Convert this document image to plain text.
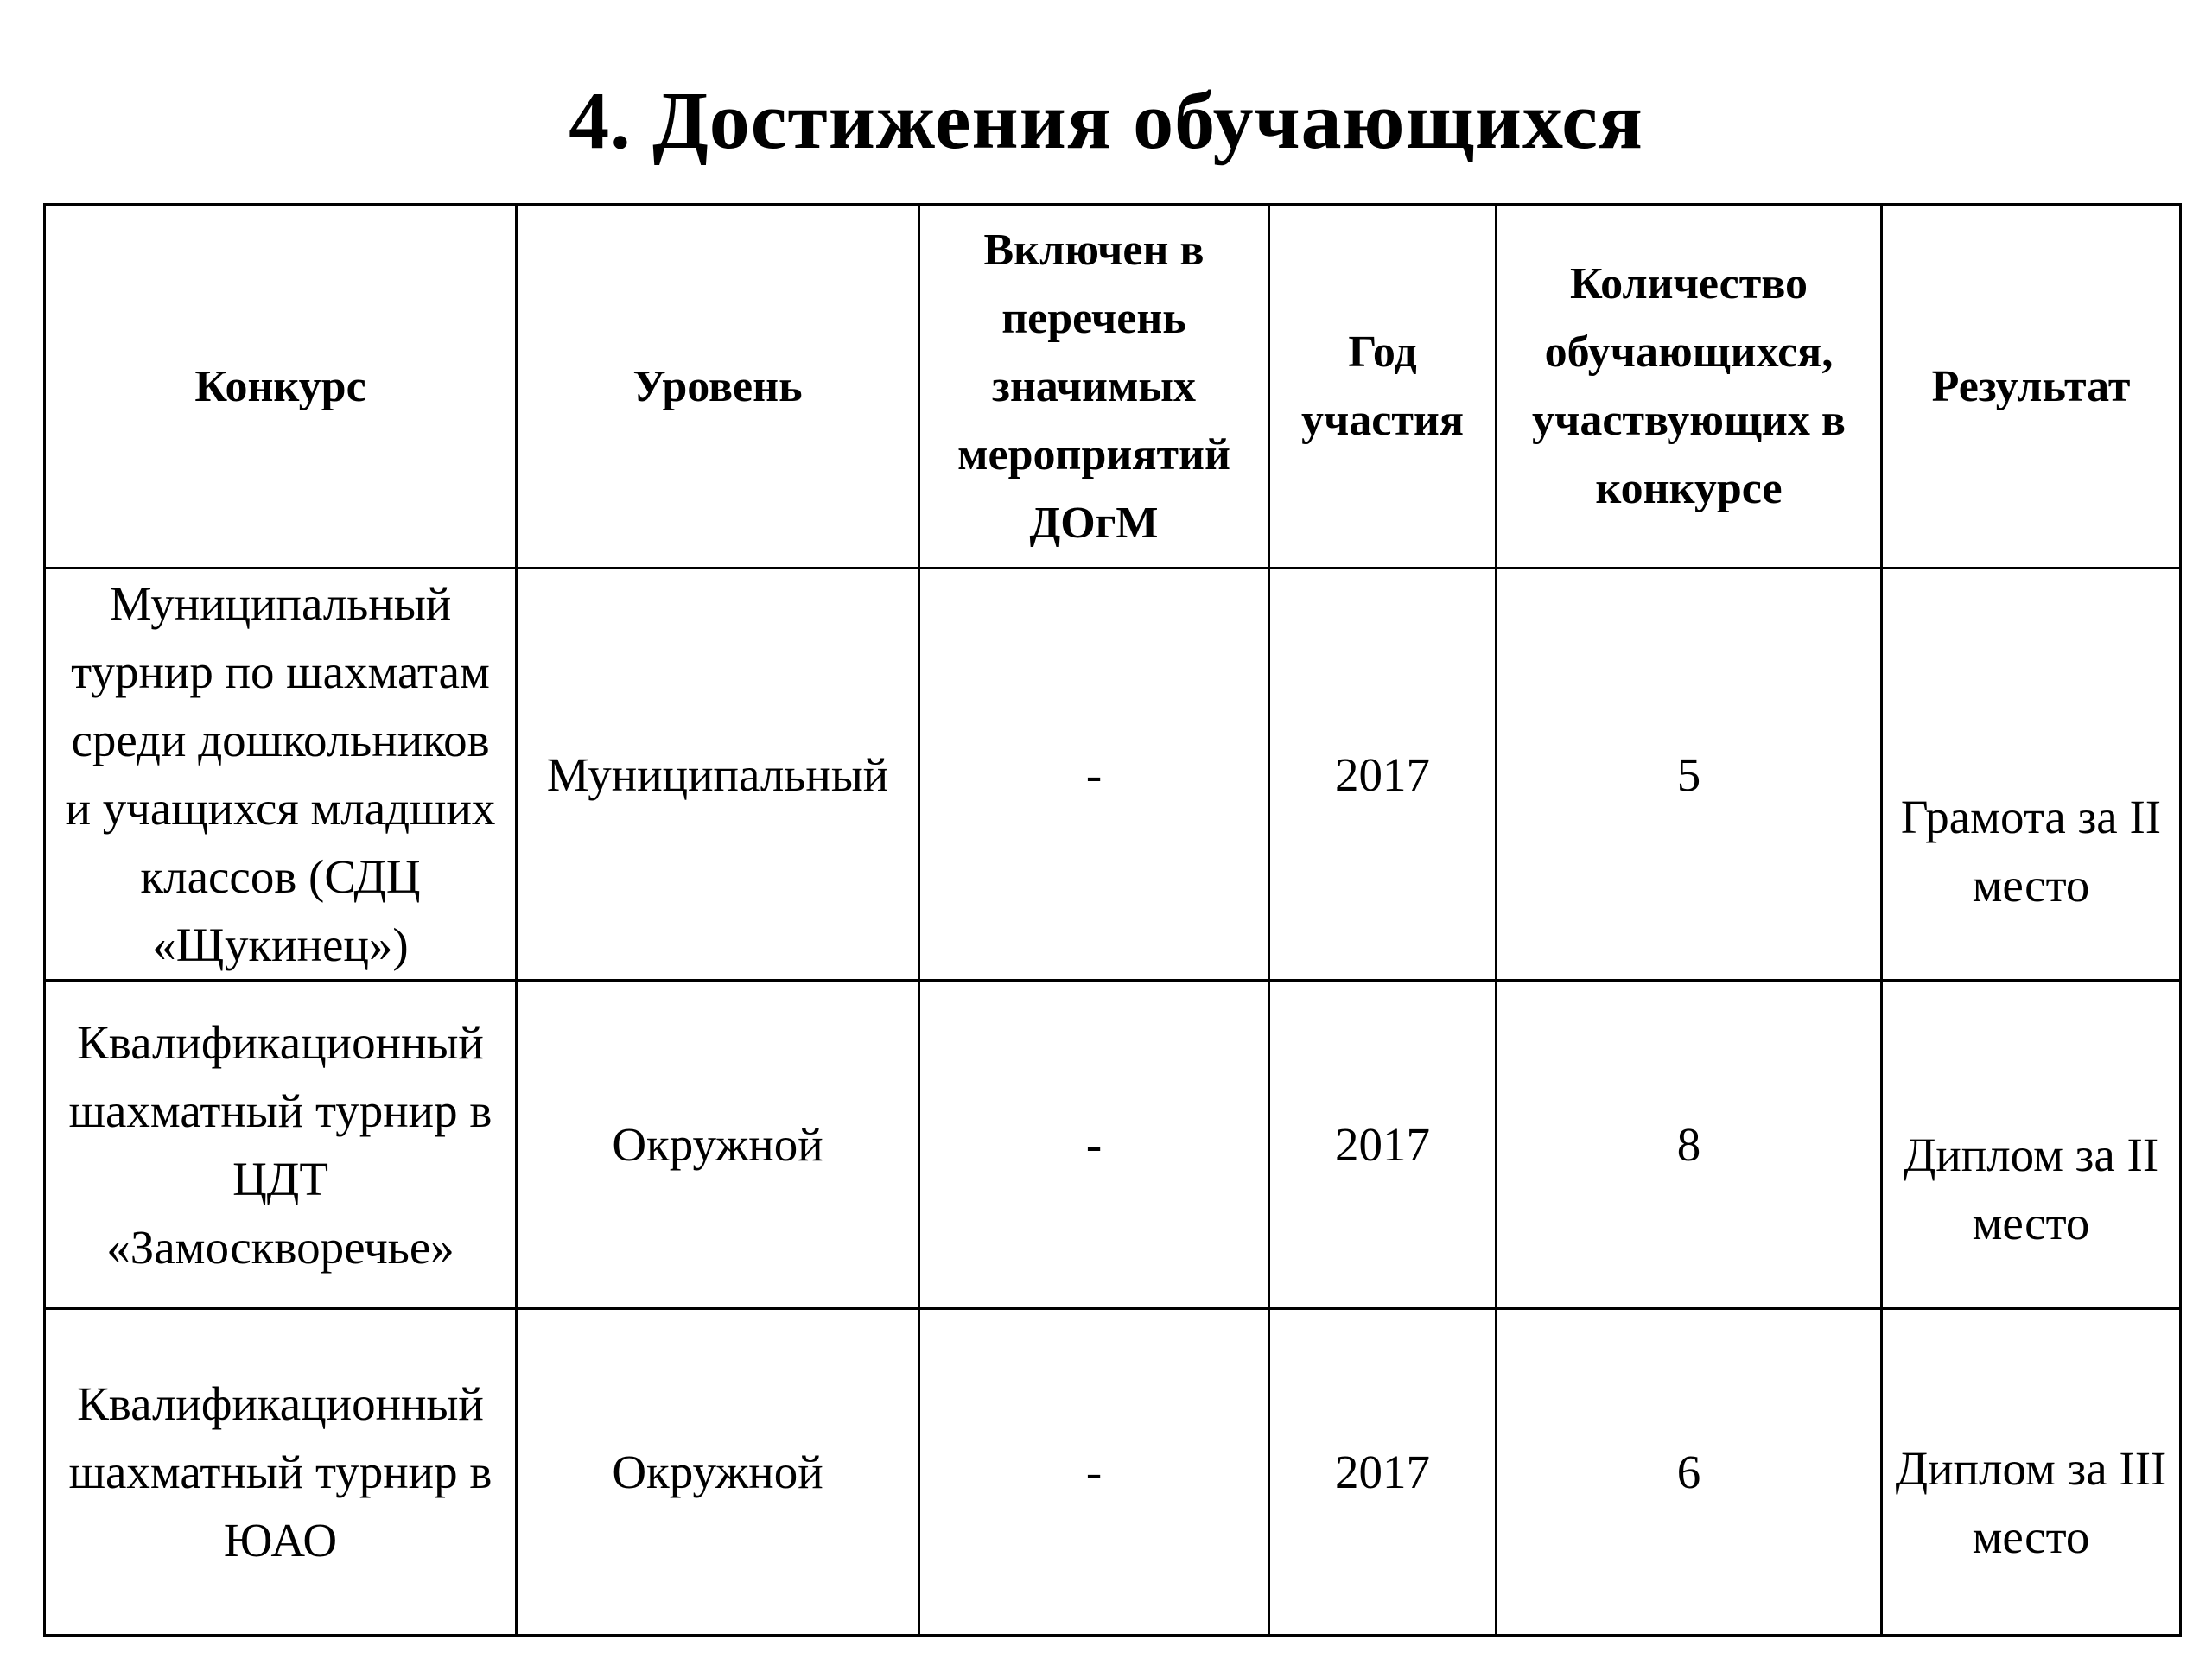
4. Достижения обучающихся
Конкурс	Уровень	Включен в перечень значимых мероприятий ДОгМ	Год участия	Количество обучающихся, участвующих в конкурсе	Результат
Муниципальный турнир по шахматам среди дошкольников и учащихся младших классов (СДЦ «Щукинец»)	Муниципальный	-	2017	5	Грамота за II место
Квалификационный шахматный турнир в ЦДТ «Замоскворечье»	Окружной	-	2017	8	Диплом за II место
Квалификационный шахматный турнир в ЮАО	Окружной	-	2017	6	Диплом за III место
